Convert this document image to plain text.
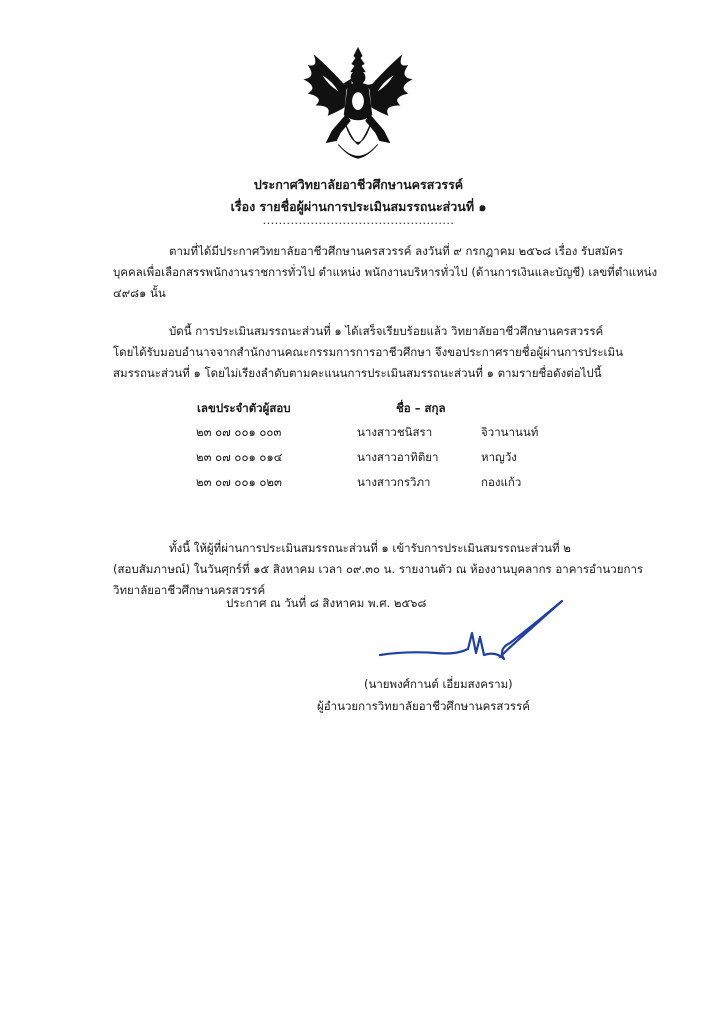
ประกาศวิทยาลัยอาชีวศึกษานครสวรรค์
เรื่อง รายชื่อผู้ผ่านการประเมินสมรรถนะส่วนที่ ๑
................................................
ตามที่ได้มีประกาศวิทยาลัยอาชีวศึกษานครสวรรค์ ลงวันที่ ๙ กรกฎาคม ๒๕๖๘ เรื่อง รับสมัคร
บุคคลเพื่อเลือกสรรพนักงานราชการทั่วไป ตำแหน่ง พนักงานบริหารทั่วไป (ด้านการเงินและบัญชี) เลขที่ตำแหน่ง
๔๙๘๑ นั้น
บัดนี้ การประเมินสมรรถนะส่วนที่ ๑ ได้เสร็จเรียบร้อยแล้ว วิทยาลัยอาชีวศึกษานครสวรรค์
โดยได้รับมอบอำนาจจากสำนักงานคณะกรรมการการอาชีวศึกษา จึงขอประกาศรายชื่อผู้ผ่านการประเมิน
สมรรถนะส่วนที่ ๑ โดยไม่เรียงลำดับตามคะแนนการประเมินสมรรถนะส่วนที่ ๑ ตามรายชื่อดังต่อไปนี้
เลขประจำตัวผู้สอบ	ชื่อ – สกุล
๒๓ ๐๗ ๐๐๑ ๐๐๓	นางสาวชนิสรา	จิวานานนท์
๒๓ ๐๗ ๐๐๑ ๐๑๔	นางสาวอาทิติยา	หาญวัง
๒๓ ๐๗ ๐๐๑ ๐๒๓	นางสาวกรวิภา	กองแก้ว
ทั้งนี้ ให้ผู้ที่ผ่านการประเมินสมรรถนะส่วนที่ ๑ เข้ารับการประเมินสมรรถนะส่วนที่ ๒
(สอบสัมภาษณ์) ในวันศุกร์ที่ ๑๕ สิงหาคม เวลา ๐๙.๓๐ น. รายงานตัว ณ ห้องงานบุคลากร อาคารอำนวยการ
วิทยาลัยอาชีวศึกษานครสวรรค์
ประกาศ ณ วันที่ ๘ สิงหาคม พ.ศ. ๒๕๖๘
(นายพงศ์กานต์ เอี่ยมสงคราม)
ผู้อำนวยการวิทยาลัยอาชีวศึกษานครสวรรค์
